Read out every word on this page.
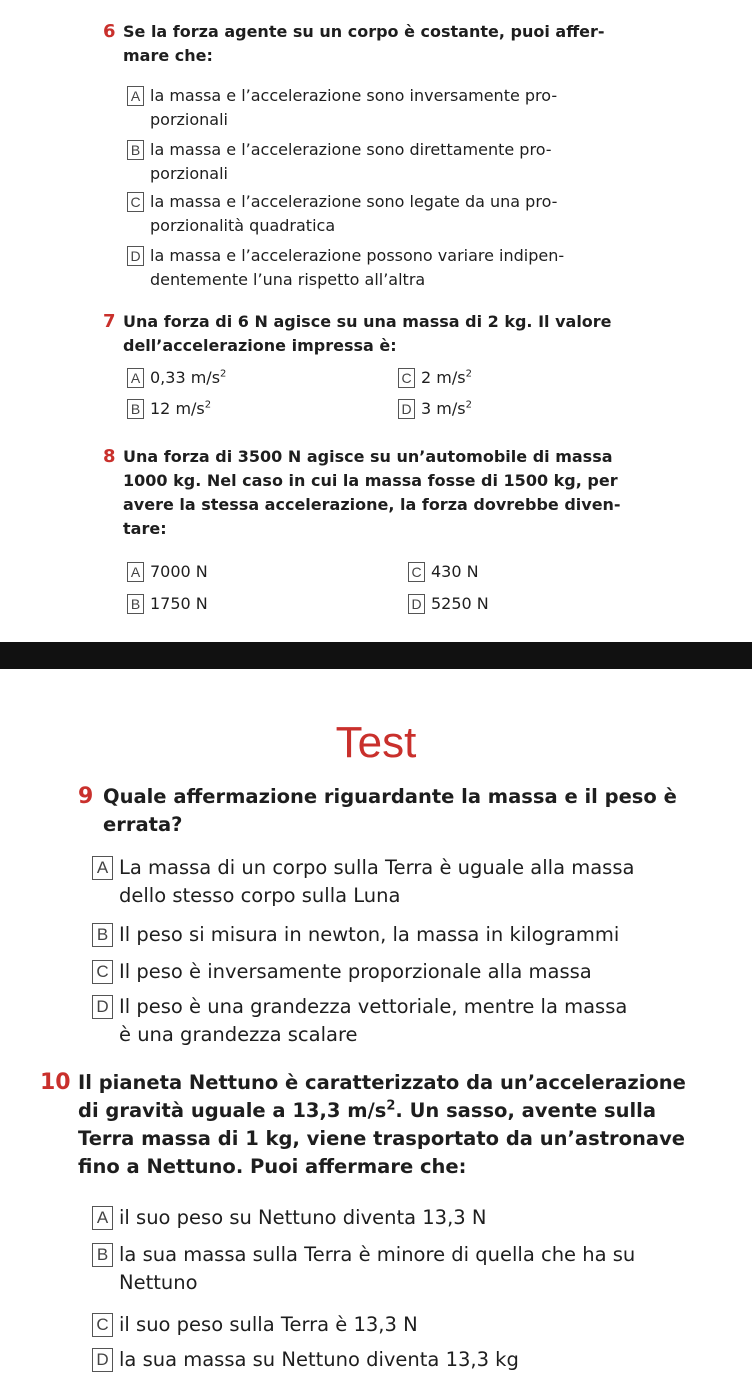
6 Se la forza agente su un corpo è costante, puoi affer-
mare che:
A la massa e l’accelerazione sono inversamente pro-
porzionali
B la massa e l’accelerazione sono direttamente pro-
porzionali
C la massa e l’accelerazione sono legate da una pro-
porzionalità quadratica
D la massa e l’accelerazione possono variare indipen-
dentemente l’una rispetto all’altra
7 Una forza di 6 N agisce su una massa di 2 kg. Il valore
dell’accelerazione impressa è:
A 0,33 $m/s^2$
B 12 $m/s^2$
C 2 $m/s^2$
D 3 $m/s^2$
8 Una forza di 3500 N agisce su un’automobile di massa
1000 kg. Nel caso in cui la massa fosse di 1500 kg, per
avere la stessa accelerazione, la forza dovrebbe diven-
tare:
A 7000 N
B 1750 N
C 430 N
D 5250 N
Test
9 Quale affermazione riguardante la massa e il peso è
errata?
A La massa di un corpo sulla Terra è uguale alla massa
dello stesso corpo sulla Luna
B Il peso si misura in newton, la massa in kilogrammi
C Il peso è inversamente proporzionale alla massa
D Il peso è una grandezza vettoriale, mentre la massa
è una grandezza scalare
10 Il pianeta Nettuno è caratterizzato da un’accelerazione
di gravità uguale a 13,3 $m/s^2$. Un sasso, avente sulla
Terra massa di 1 kg, viene trasportato da un’astronave
fino a Nettuno. Puoi affermare che:
A il suo peso su Nettuno diventa 13,3 N
B la sua massa sulla Terra è minore di quella che ha su
Nettuno
C il suo peso sulla Terra è 13,3 N
D la sua massa su Nettuno diventa 13,3 kg
